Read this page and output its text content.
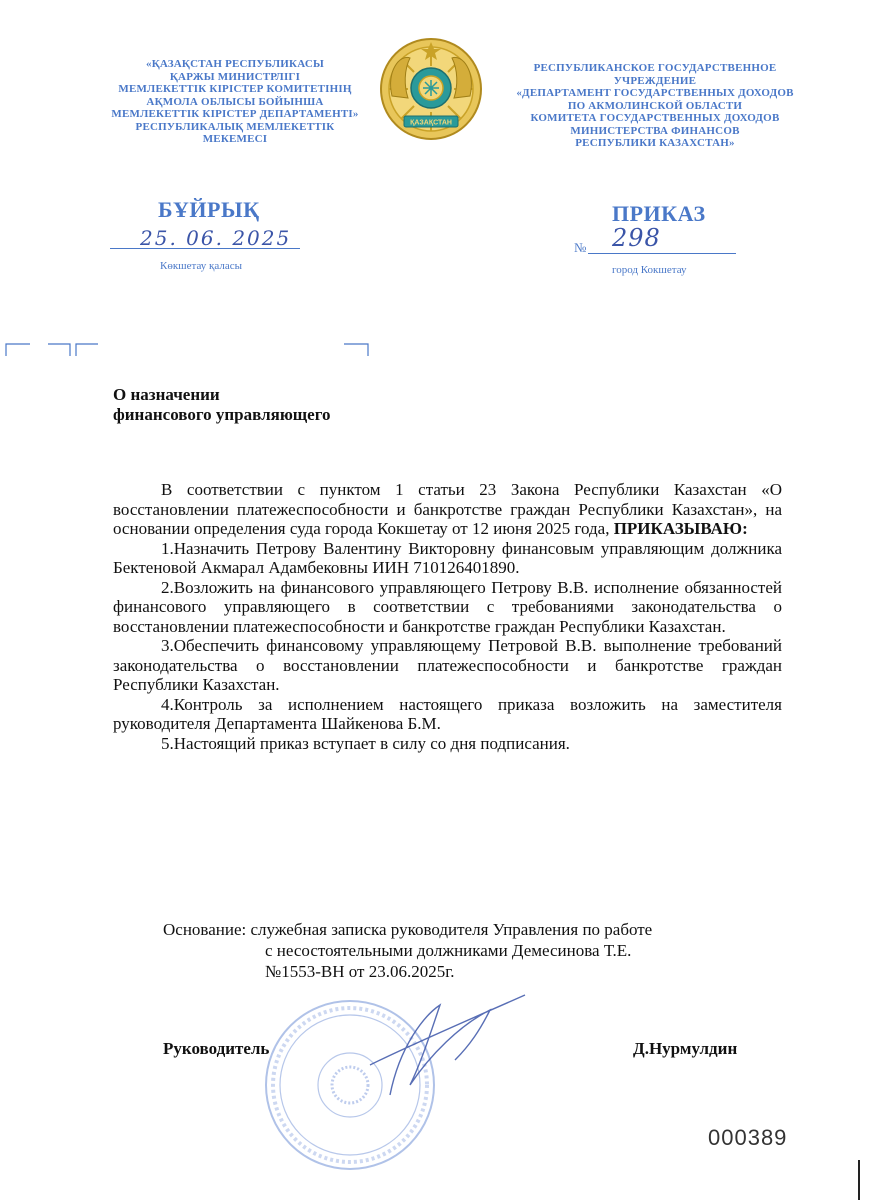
«ҚАЗАҚСТАН РЕСПУБЛИКАСЫ
ҚАРЖЫ МИНИСТРЛІГІ
МЕМЛЕКЕТТІК КІРІСТЕР КОМИТЕТІНІҢ
АҚМОЛА ОБЛЫСЫ БОЙЫНША
МЕМЛЕКЕТТІК КІРІСТЕР ДЕПАРТАМЕНТІ»
РЕСПУБЛИКАЛЫҚ МЕМЛЕКЕТТІК
МЕКЕМЕСІ
ҚАЗАҚСТАН
РЕСПУБЛИКАНСКОЕ ГОСУДАРСТВЕННОЕ
УЧРЕЖДЕНИЕ
«ДЕПАРТАМЕНТ ГОСУДАРСТВЕННЫХ ДОХОДОВ
ПО АКМОЛИНСКОЙ ОБЛАСТИ
КОМИТЕТА ГОСУДАРСТВЕННЫХ ДОХОДОВ
МИНИСТЕРСТВА ФИНАНСОВ
РЕСПУБЛИКИ КАЗАХСТАН»
БҰЙРЫҚ	ПРИКАЗ
25. 06. 2025
Көкшетау қаласы
№ 298
город Кокшетау
О назначении
финансового управляющего

В соответствии с пунктом 1 статьи 23 Закона Республики Казахстан «О восстановлении платежеспособности и банкротстве граждан Республики Казахстан», на основании определения суда города Кокшетау от 12 июня 2025 года, ПРИКАЗЫВАЮ:

1.Назначить Петрову Валентину Викторовну финансовым управляющим должника Бектеновой Акмарал Адамбековны ИИН 710126401890.

2.Возложить на финансового управляющего Петрову В.В. исполнение обязанностей финансового управляющего в соответствии с требованиями законодательства о восстановлении платежеспособности и банкротстве граждан Республики Казахстан.

3.Обеспечить финансовому управляющему Петровой В.В. выполнение требований законодательства о восстановлении платежеспособности и банкротстве граждан Республики Казахстан.

4.Контроль за исполнением настоящего приказа возложить на заместителя руководителя Департамента Шайкенова Б.М.

5.Настоящий приказ вступает в силу со дня подписания.

Основание: служебная записка руководителя Управления по работе
с несостоятельными должниками Демесинова Т.Е.
№1553-ВН от 23.06.2025г.
Руководитель	Д.Нурмулдин
000389
